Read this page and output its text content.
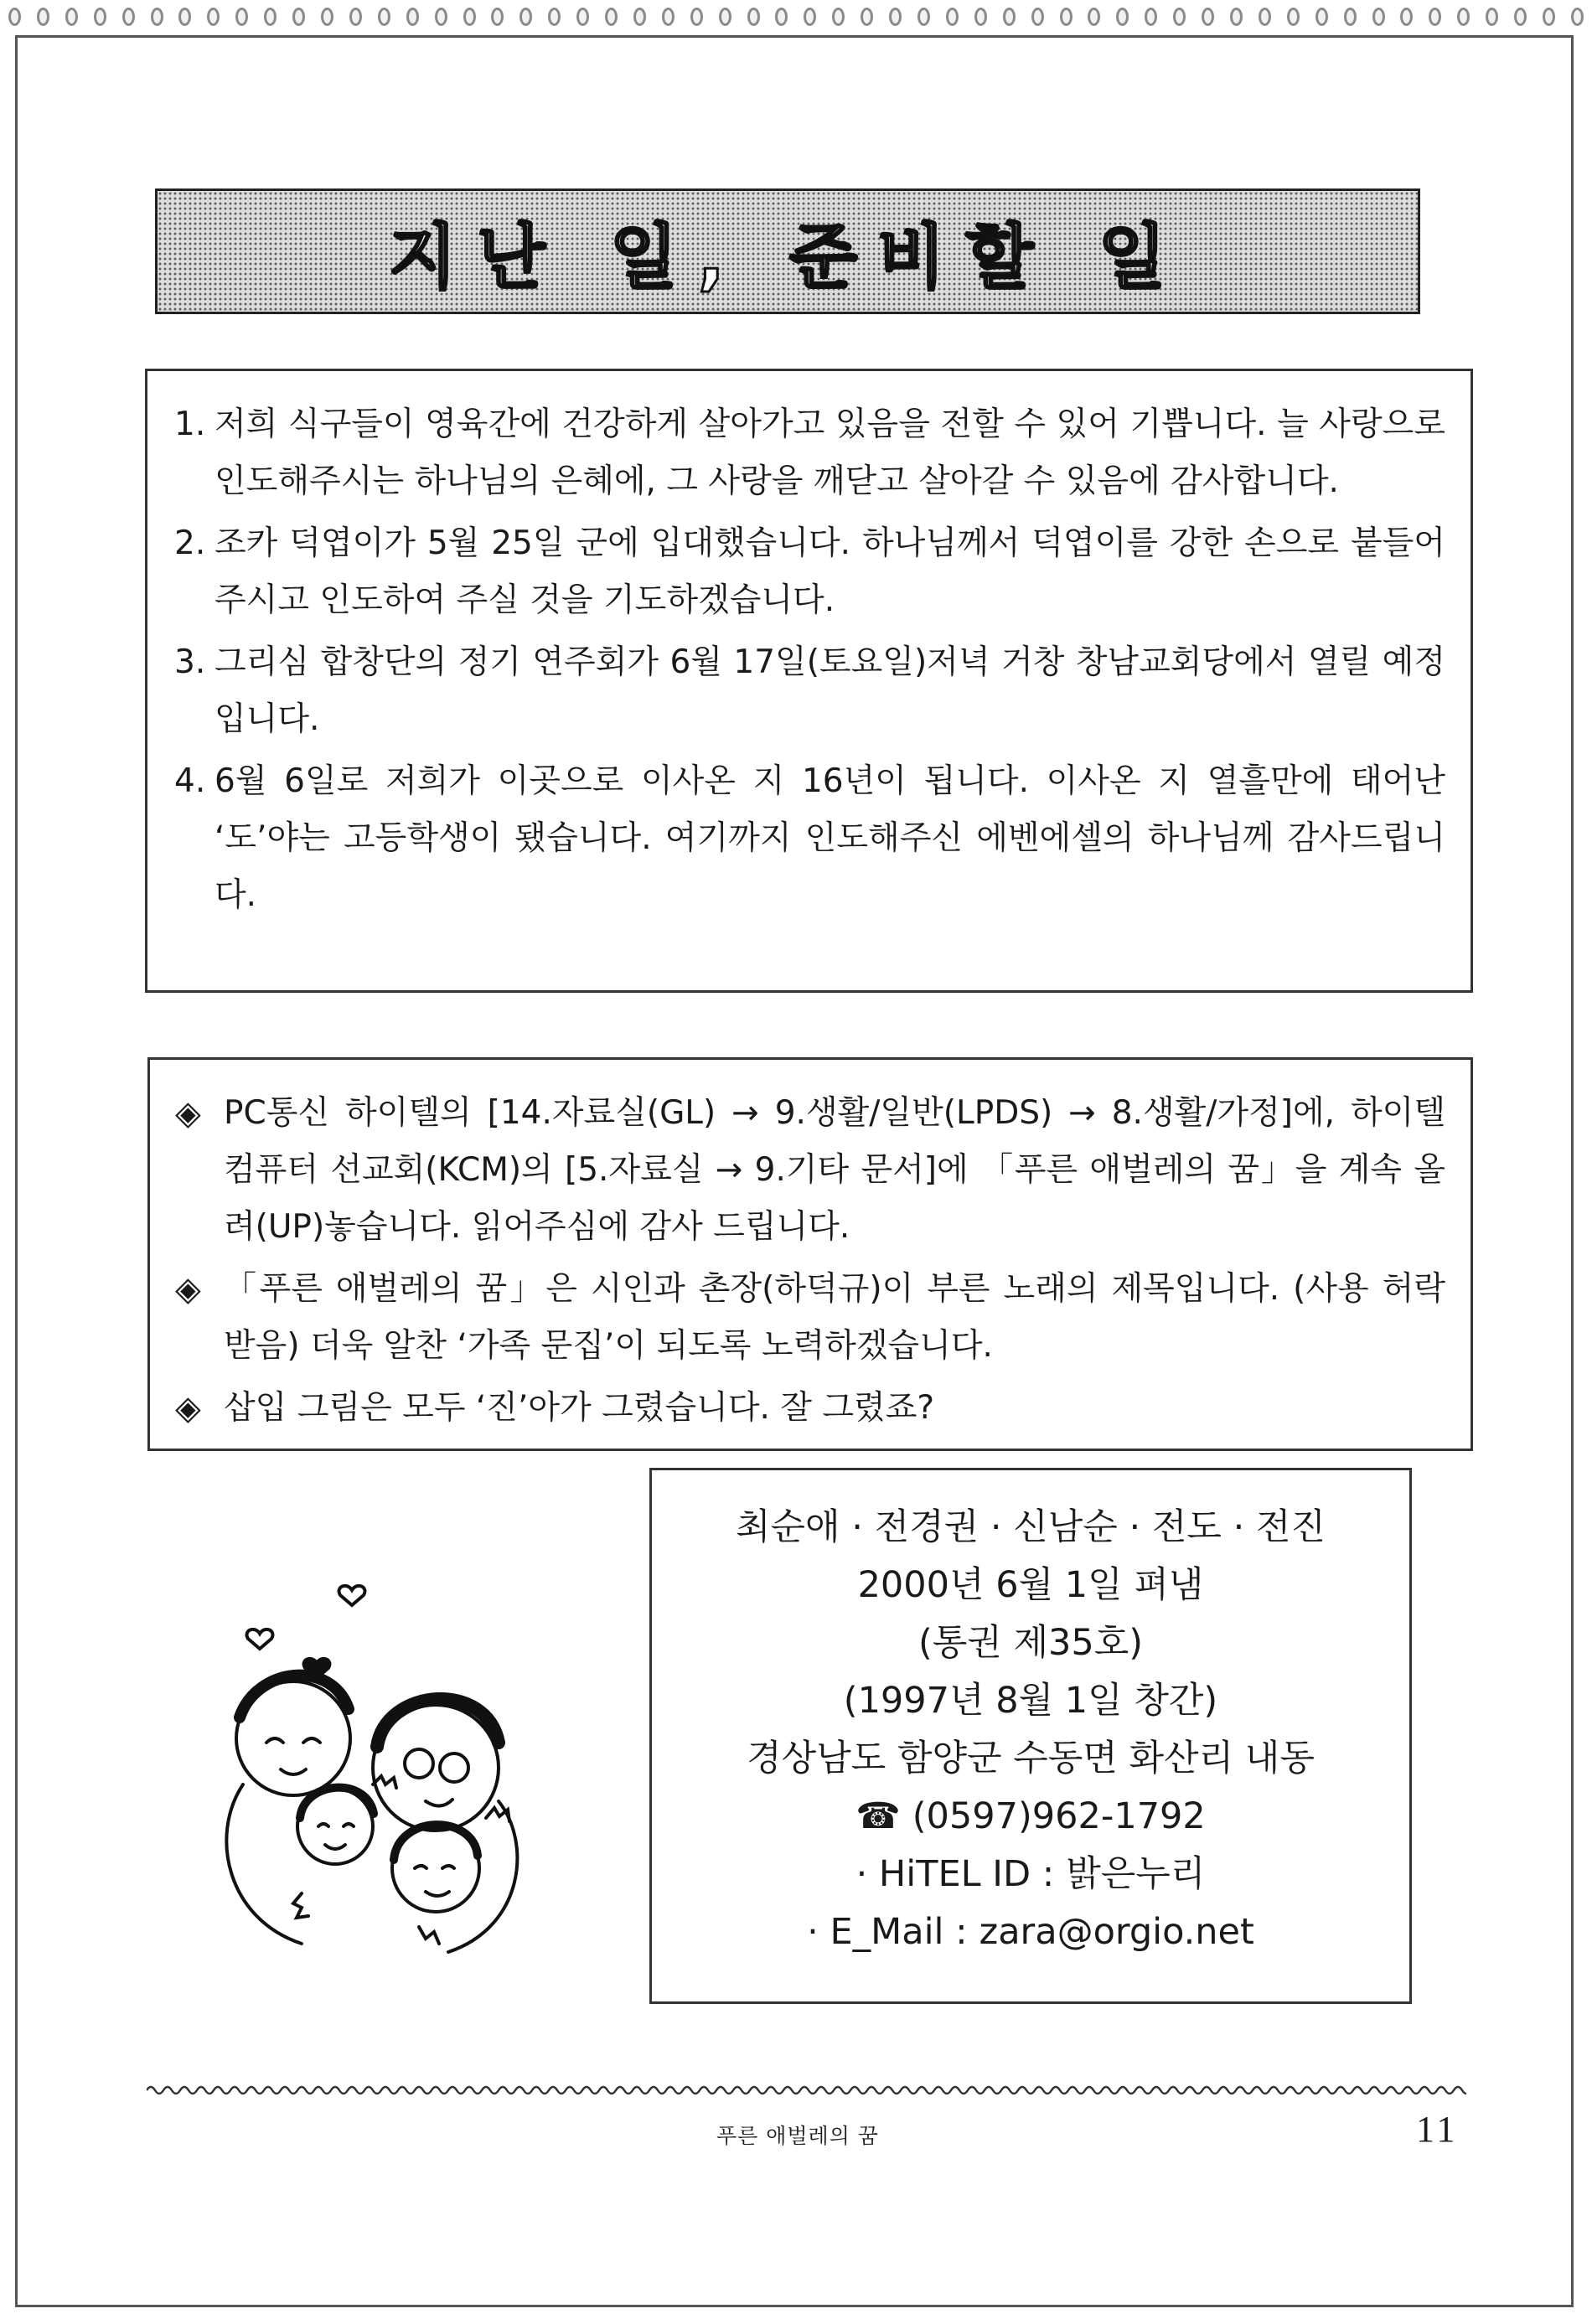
지난 일, 준비할 일
1. 저희 식구들이 영육간에 건강하게 살아가고 있음을 전할 수 있어 기쁩니다. 늘 사랑으로 인도해주시는 하나님의 은혜에, 그 사랑을 깨닫고 살아갈 수 있음에 감사합니다.
2. 조카 덕엽이가 5월 25일 군에 입대했습니다. 하나님께서 덕엽이를 강한 손으로 붙들어 주시고 인도하여 주실 것을 기도하겠습니다.
3. 그리심 합창단의 정기 연주회가 6월 17일(토요일)저녁 거창 창남교회당에서 열릴 예정입니다.
4. 6월 6일로 저희가 이곳으로 이사온 지 16년이 됩니다. 이사온 지 열흘만에 태어난 ‘도’야는 고등학생이 됐습니다. 여기까지 인도해주신 에벤에셀의 하나님께 감사드립니다.
◈ PC통신 하이텔의 [14.자료실(GL) → 9.생활/일반(LPDS) → 8.생활/가정]에, 하이텔 컴퓨터 선교회(KCM)의 [5.자료실 → 9.기타 문서]에 「푸른 애벌레의 꿈」을 계속 올려(UP)놓습니다. 읽어주심에 감사 드립니다.
◈ 「푸른 애벌레의 꿈」은 시인과 촌장(하덕규)이 부른 노래의 제목입니다. (사용 허락 받음) 더욱 알찬 ‘가족 문집’이 되도록 노력하겠습니다.
◈ 삽입 그림은 모두 ‘진’아가 그렸습니다. 잘 그렸죠?
최순애 · 전경권 · 신남순 · 전도 · 전진
2000년 6월 1일 펴냄
(통권 제35호)
(1997년 8월 1일 창간)
경상남도 함양군 수동면 화산리 내동
☎ (0597)962-1792
· HiTEL ID : 밝은누리
· E_Mail : zara@orgio.net
푸른 애벌레의 꿈	11
